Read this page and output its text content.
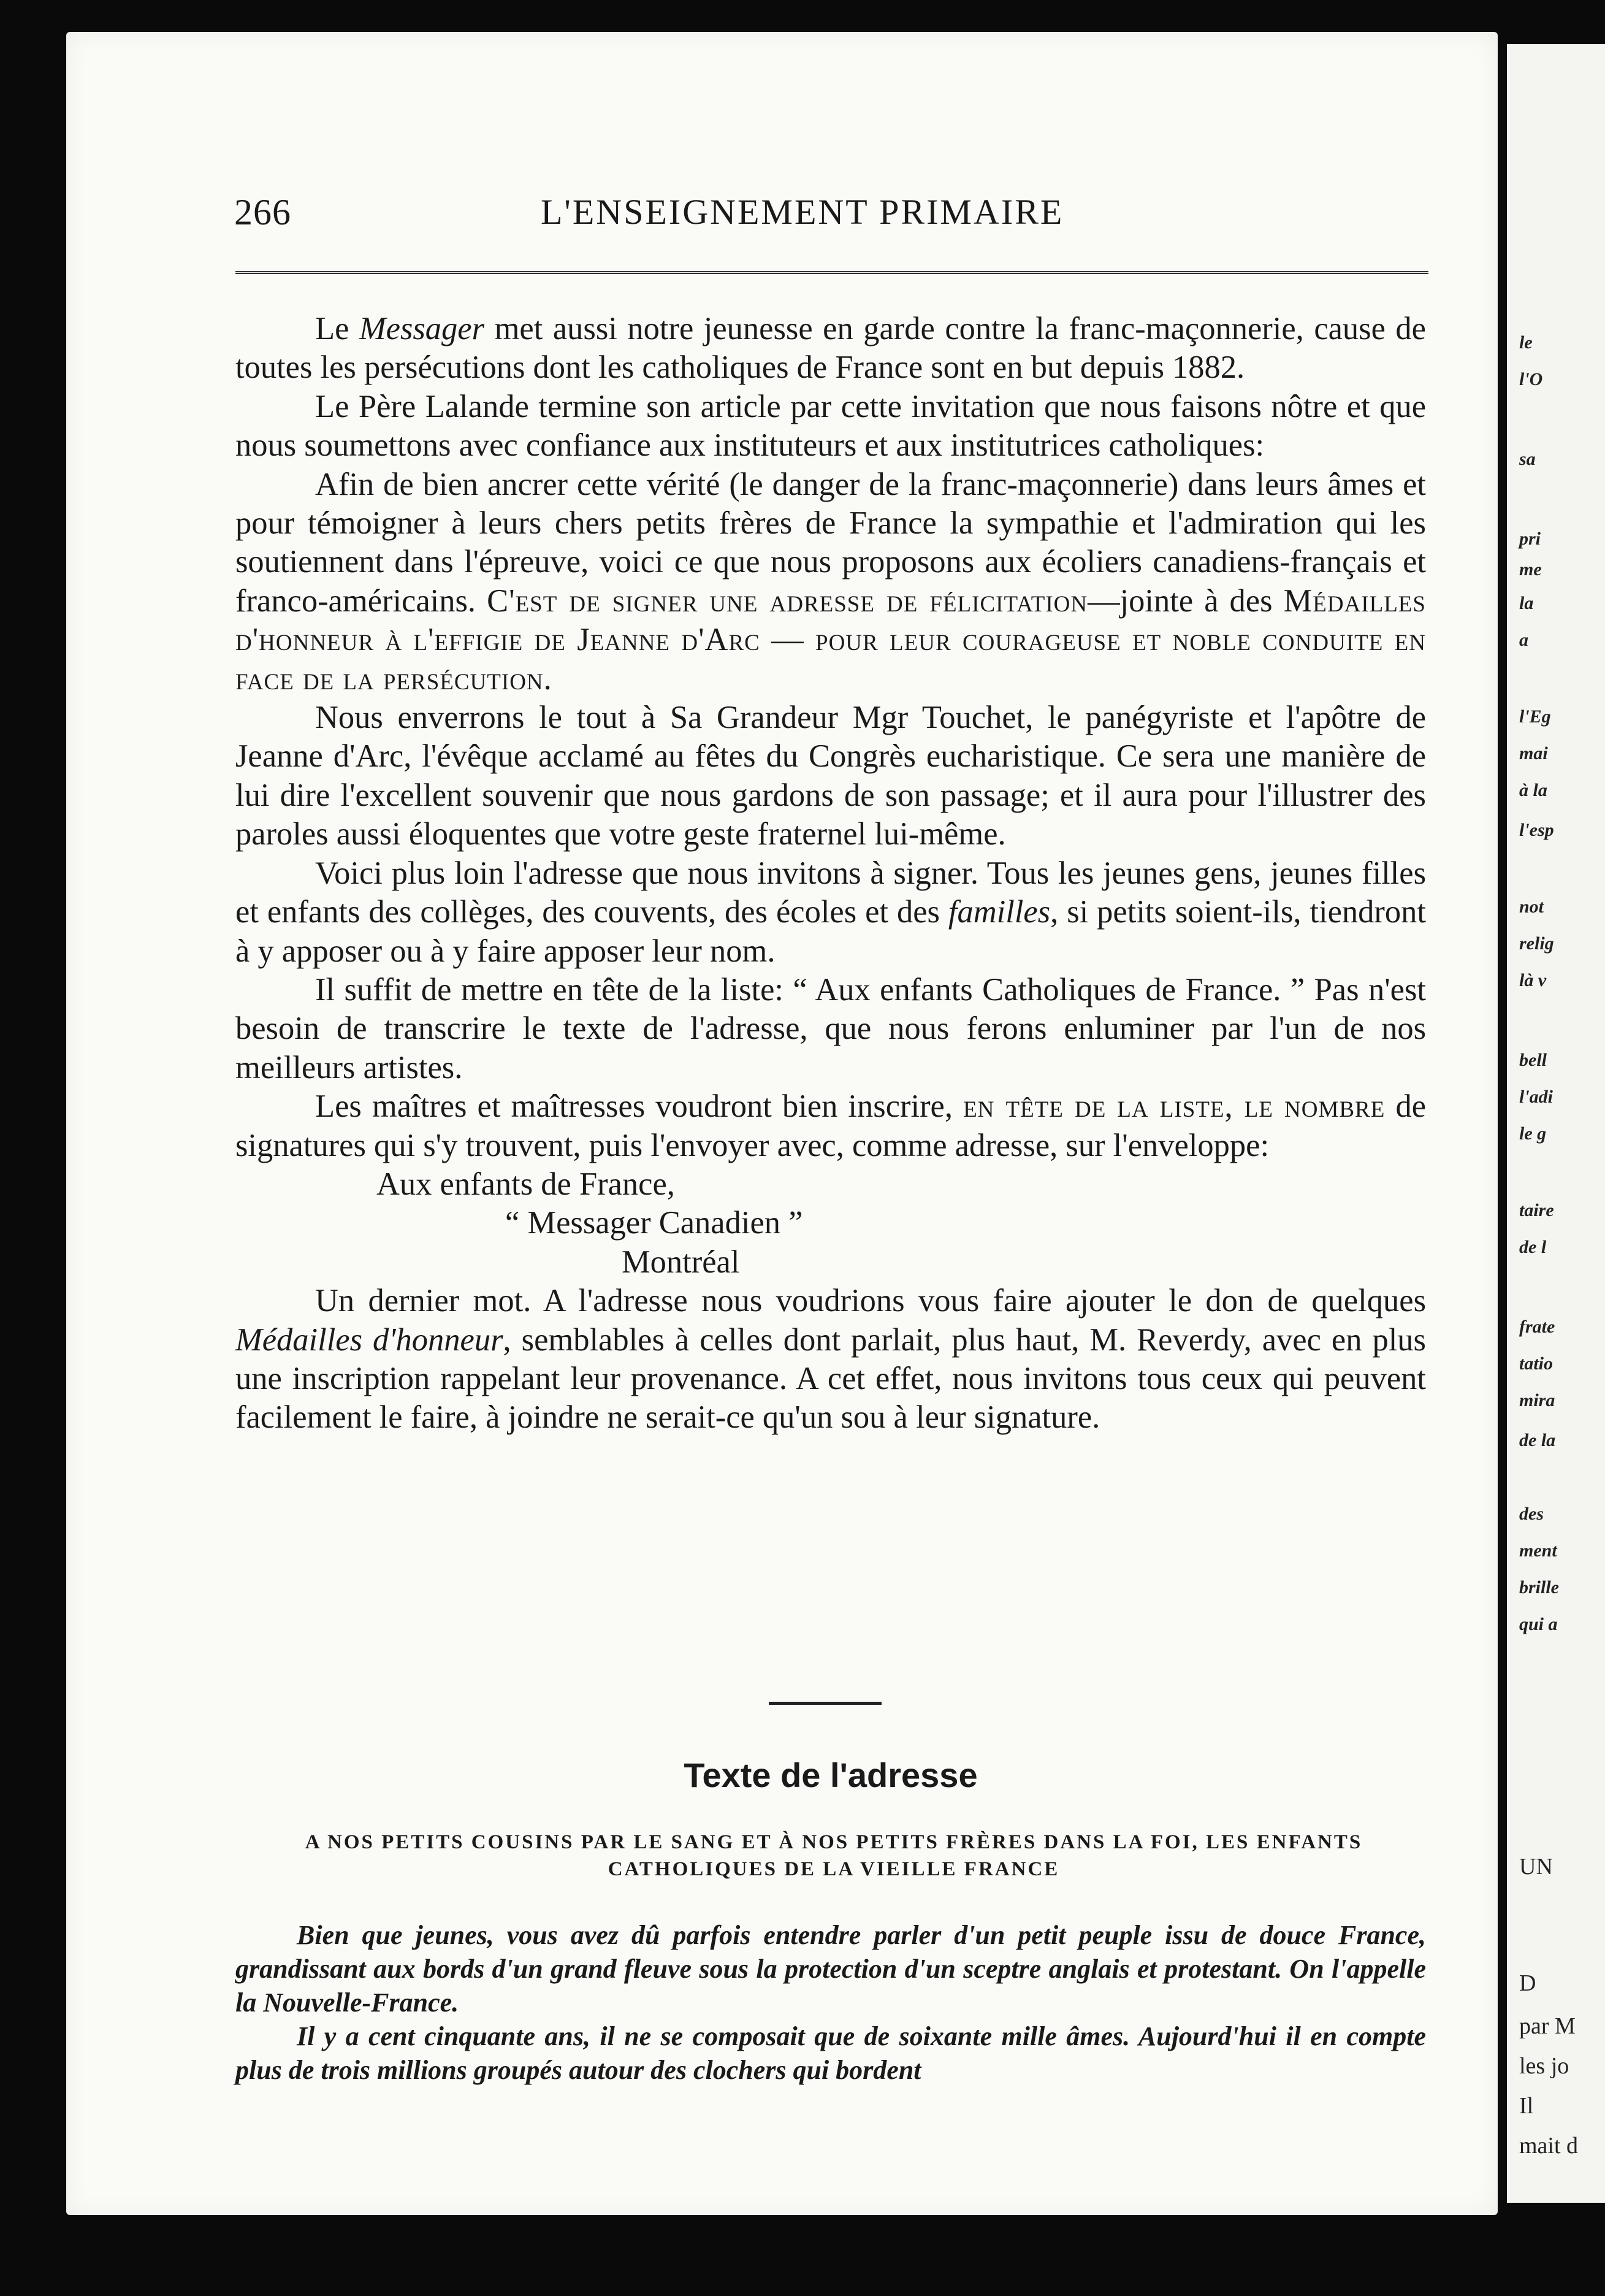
266	L'ENSEIGNEMENT PRIMAIRE

Le Messager met aussi notre jeunesse en garde contre la franc-maçonnerie, cause de toutes les persécutions dont les catholiques de France sont en but depuis 1882.

Le Père Lalande termine son article par cette invitation que nous faisons nôtre et que nous soumettons avec confiance aux instituteurs et aux institutrices catholiques:

Afin de bien ancrer cette vérité (le danger de la franc-maçonnerie) dans leurs âmes et pour témoigner à leurs chers petits frères de France la sympathie et l'admiration qui les soutiennent dans l'épreuve, voici ce que nous proposons aux écoliers canadiens-français et franco-américains. C'est de signer une adresse de félicitation—jointe à des Médailles d'honneur à l'effigie de Jeanne d'Arc — pour leur courageuse et noble conduite en face de la persécution.

Nous enverrons le tout à Sa Grandeur Mgr Touchet, le panégyriste et l'apôtre de Jeanne d'Arc, l'évêque acclamé au fêtes du Congrès eucharistique. Ce sera une manière de lui dire l'excellent souvenir que nous gardons de son passage; et il aura pour l'illustrer des paroles aussi éloquentes que votre geste fraternel lui-même.

Voici plus loin l'adresse que nous invitons à signer. Tous les jeunes gens, jeunes filles et enfants des collèges, des couvents, des écoles et des familles, si petits soient-ils, tiendront à y apposer ou à y faire apposer leur nom.

Il suffit de mettre en tête de la liste: “ Aux enfants Catholiques de France. ” Pas n'est besoin de transcrire le texte de l'adresse, que nous ferons enluminer par l'un de nos meilleurs artistes.

Les maîtres et maîtresses voudront bien inscrire, en tête de la liste, le nombre de signatures qui s'y trouvent, puis l'envoyer avec, comme adresse, sur l'enveloppe:

Aux enfants de France,

“ Messager Canadien ”

Montréal

Un dernier mot. A l'adresse nous voudrions vous faire ajouter le don de quelques Médailles d'honneur, semblables à celles dont parlait, plus haut, M. Reverdy, avec en plus une inscription rappelant leur provenance. A cet effet, nous invitons tous ceux qui peuvent facilement le faire, à joindre ne serait-ce qu'un sou à leur signature.

Texte de l'adresse
A NOS PETITS COUSINS PAR LE SANG ET À NOS PETITS FRÈRES DANS LA FOI, LES ENFANTS CATHOLIQUES DE LA VIEILLE FRANCE

Bien que jeunes, vous avez dû parfois entendre parler d'un petit peuple issu de douce France, grandissant aux bords d'un grand fleuve sous la protection d'un sceptre anglais et protestant. On l'appelle la Nouvelle-France.

Il y a cent cinquante ans, il ne se composait que de soixante mille âmes. Aujourd'hui il en compte plus de trois millions groupés autour des clochers qui bordent

le
l'O
sa
pri
me
la
a
l'Eg
mai
à la
l'esp
not
relig
là v
bell
l'adi
le g
taire
de l
frate
tatio
mira
de la
des
ment
brille
qui a
UN
D
par M
les jo
Il
mait d
